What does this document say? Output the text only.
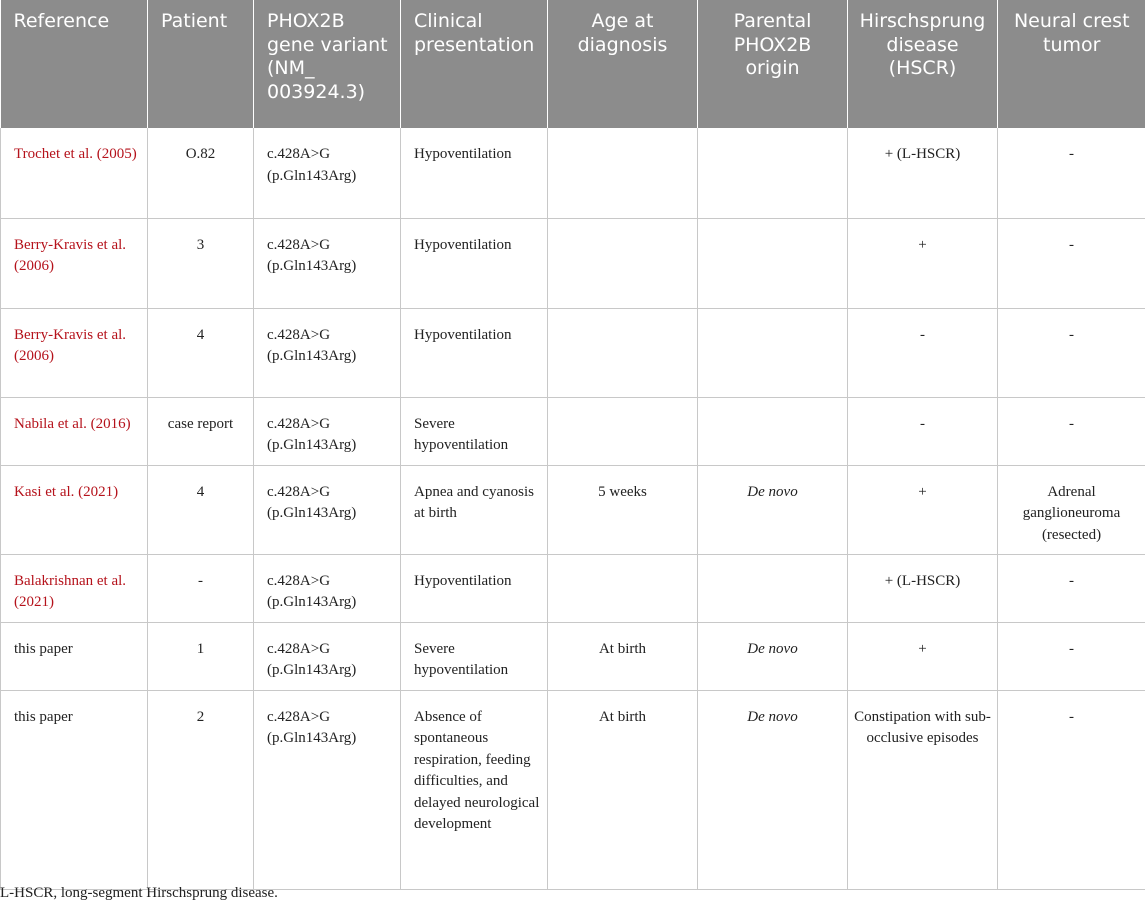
Reference	Patient	PHOX2B gene variant (NM_ 003924.3)	Clinical presentation	Age at diagnosis	Parental PHOX2B origin	Hirschsprung disease (HSCR)	Neural crest tumor
Trochet et al. (2005)	O.82	c.428A>G (p.Gln143Arg)	Hypoventilation			+ (L-HSCR)	-
Berry-Kravis et al. (2006)	3	c.428A>G (p.Gln143Arg)	Hypoventilation			+	-
Berry-Kravis et al. (2006)	4	c.428A>G (p.Gln143Arg)	Hypoventilation			-	-
Nabila et al. (2016)	case report	c.428A>G (p.Gln143Arg)	Severe hypoventilation			-	-
Kasi et al. (2021)	4	c.428A>G (p.Gln143Arg)	Apnea and cyanosis at birth	5 weeks	De novo	+	Adrenal ganglioneuroma (resected)
Balakrishnan et al. (2021)	-	c.428A>G (p.Gln143Arg)	Hypoventilation			+ (L-HSCR)	-
this paper	1	c.428A>G (p.Gln143Arg)	Severe hypoventilation	At birth	De novo	+	-
this paper	2	c.428A>G (p.Gln143Arg)	Absence of spontaneous respiration, feeding difficulties, and delayed neurological development	At birth	De novo	Constipation with sub-occlusive episodes	-
L-HSCR, long-segment Hirschsprung disease.
